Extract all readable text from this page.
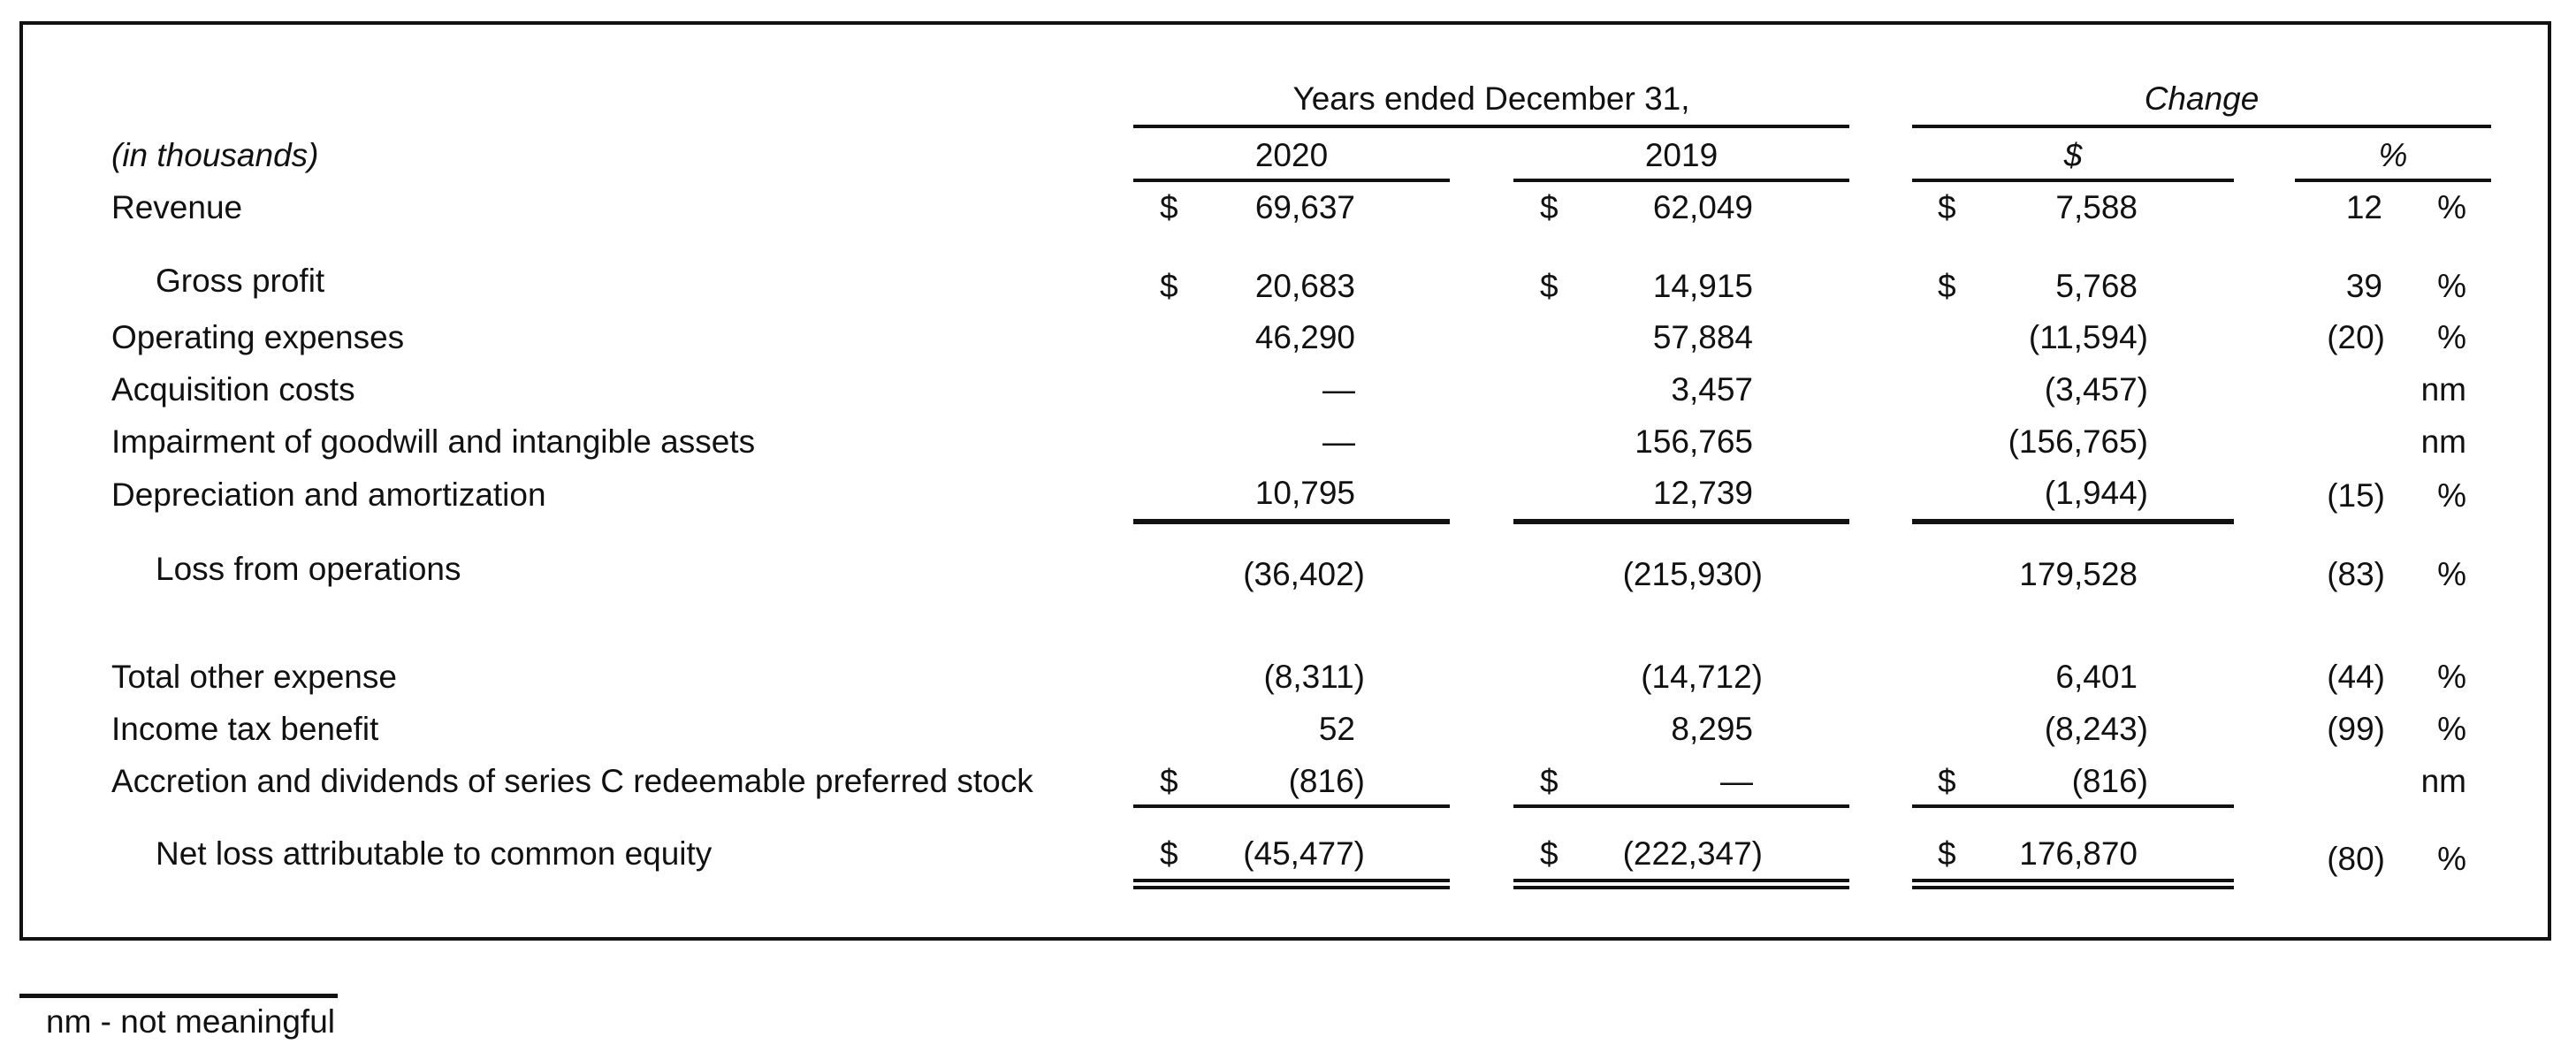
Years ended December 31,	Change
(in thousands)	2020	2019	$	%
Revenue	$ 69,637	$	62,049	$	7,588	12 %
Gross profit	$ 20,683	$	14,915	$	5,768	39 %
Operating expenses	46,290	57,884	(11,594)	(20) %
Acquisition costs	—	3,457	(3,457)	nm
Impairment of goodwill and intangible assets	—	156,765	(156,765)	nm
Depreciation and amortization	10,795	12,739	(1,944)	(15) %
Loss from operations	(36,402)	(215,930)	179,528	(83) %
Total other expense	(8,311)	(14,712)	6,401	(44) %
Income tax benefit	52	8,295	(8,243)	(99) %
Accretion and dividends of series C redeemable preferred stock	$	(816)	$	—	$	(816)	nm
Net loss attributable to common equity	$ (45,477)	$ (222,347)	$ 176,870	(80) %
nm - not meaningful
